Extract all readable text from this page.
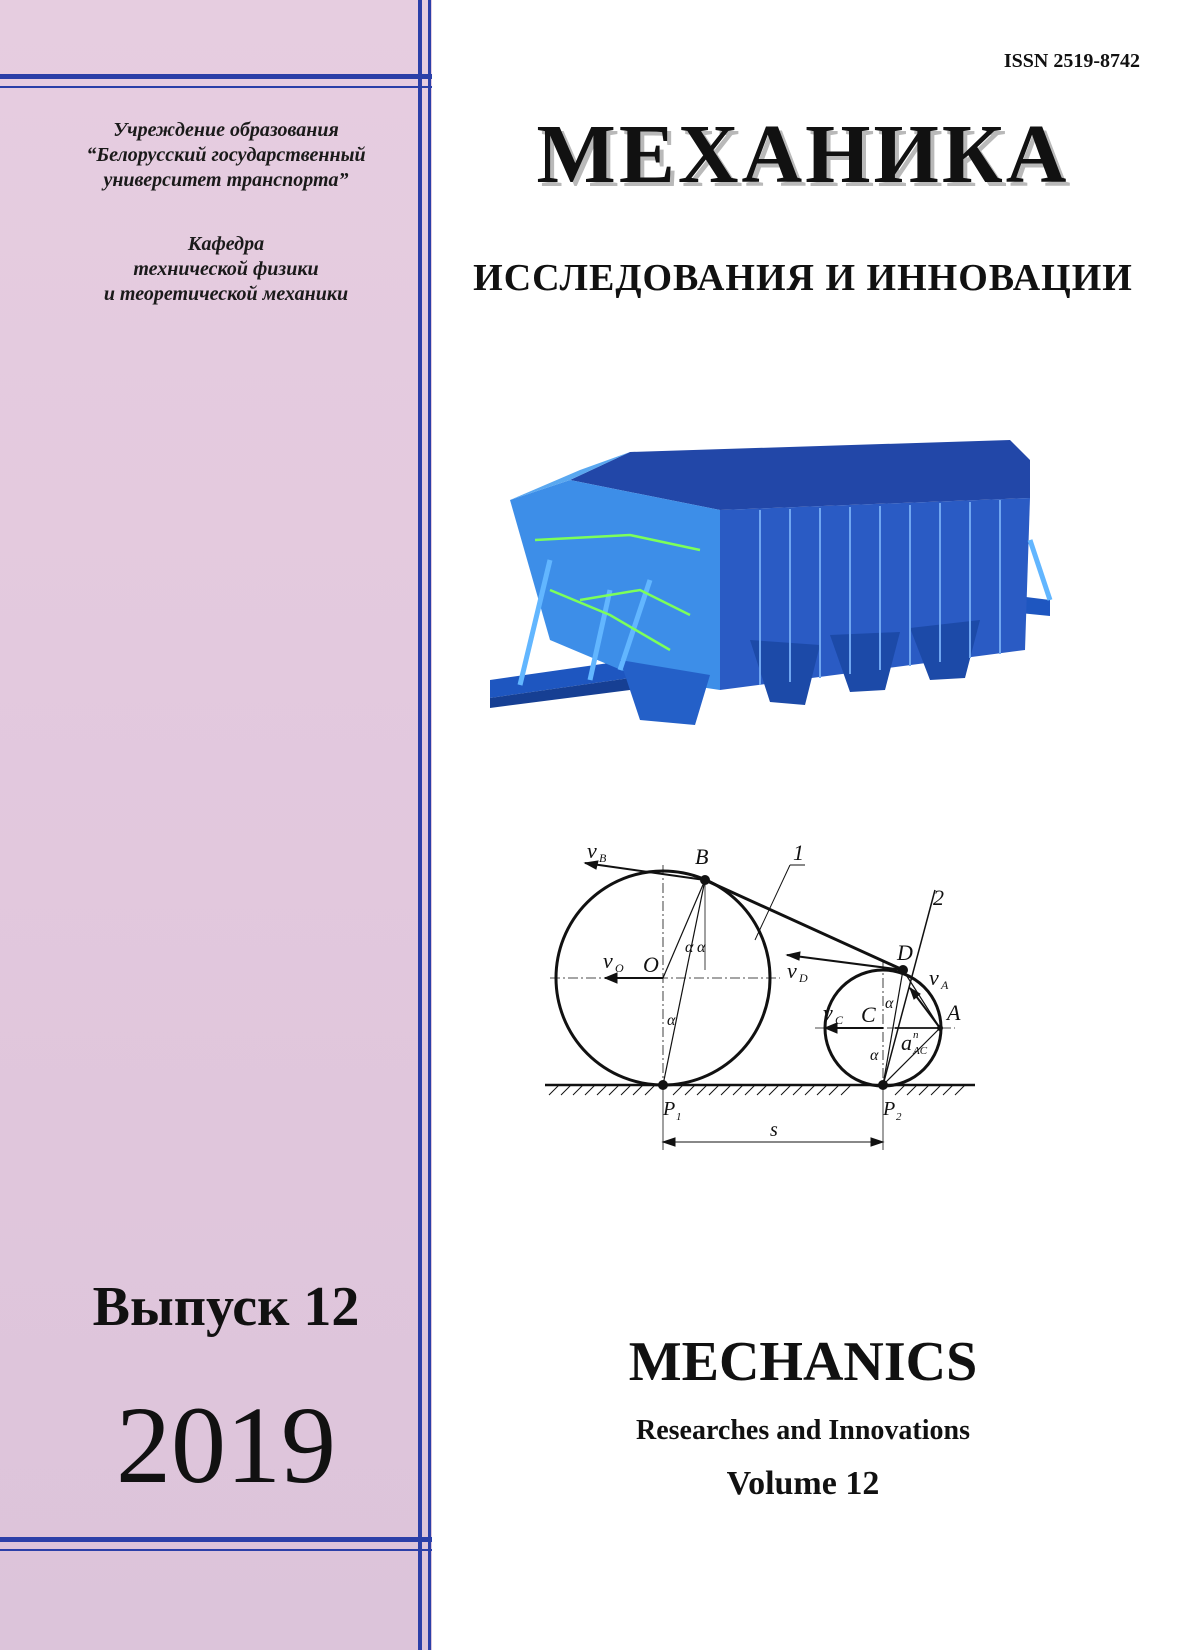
Учреждение образования
“Белорусский государственный
университет транспорта”
Кафедра
технической физики
и теоретической механики
Выпуск 12
2019
ISSN 2519-8742
МЕХАНИКА
ИССЛЕДОВАНИЯ И ИННОВАЦИИ
v B	B	1
2
v O O	v D
D
v A
v C C	A
a n
AC
α α
α
α
α
P 1	P 2
s
MECHANICS
Researches and Innovations
Volume 12
